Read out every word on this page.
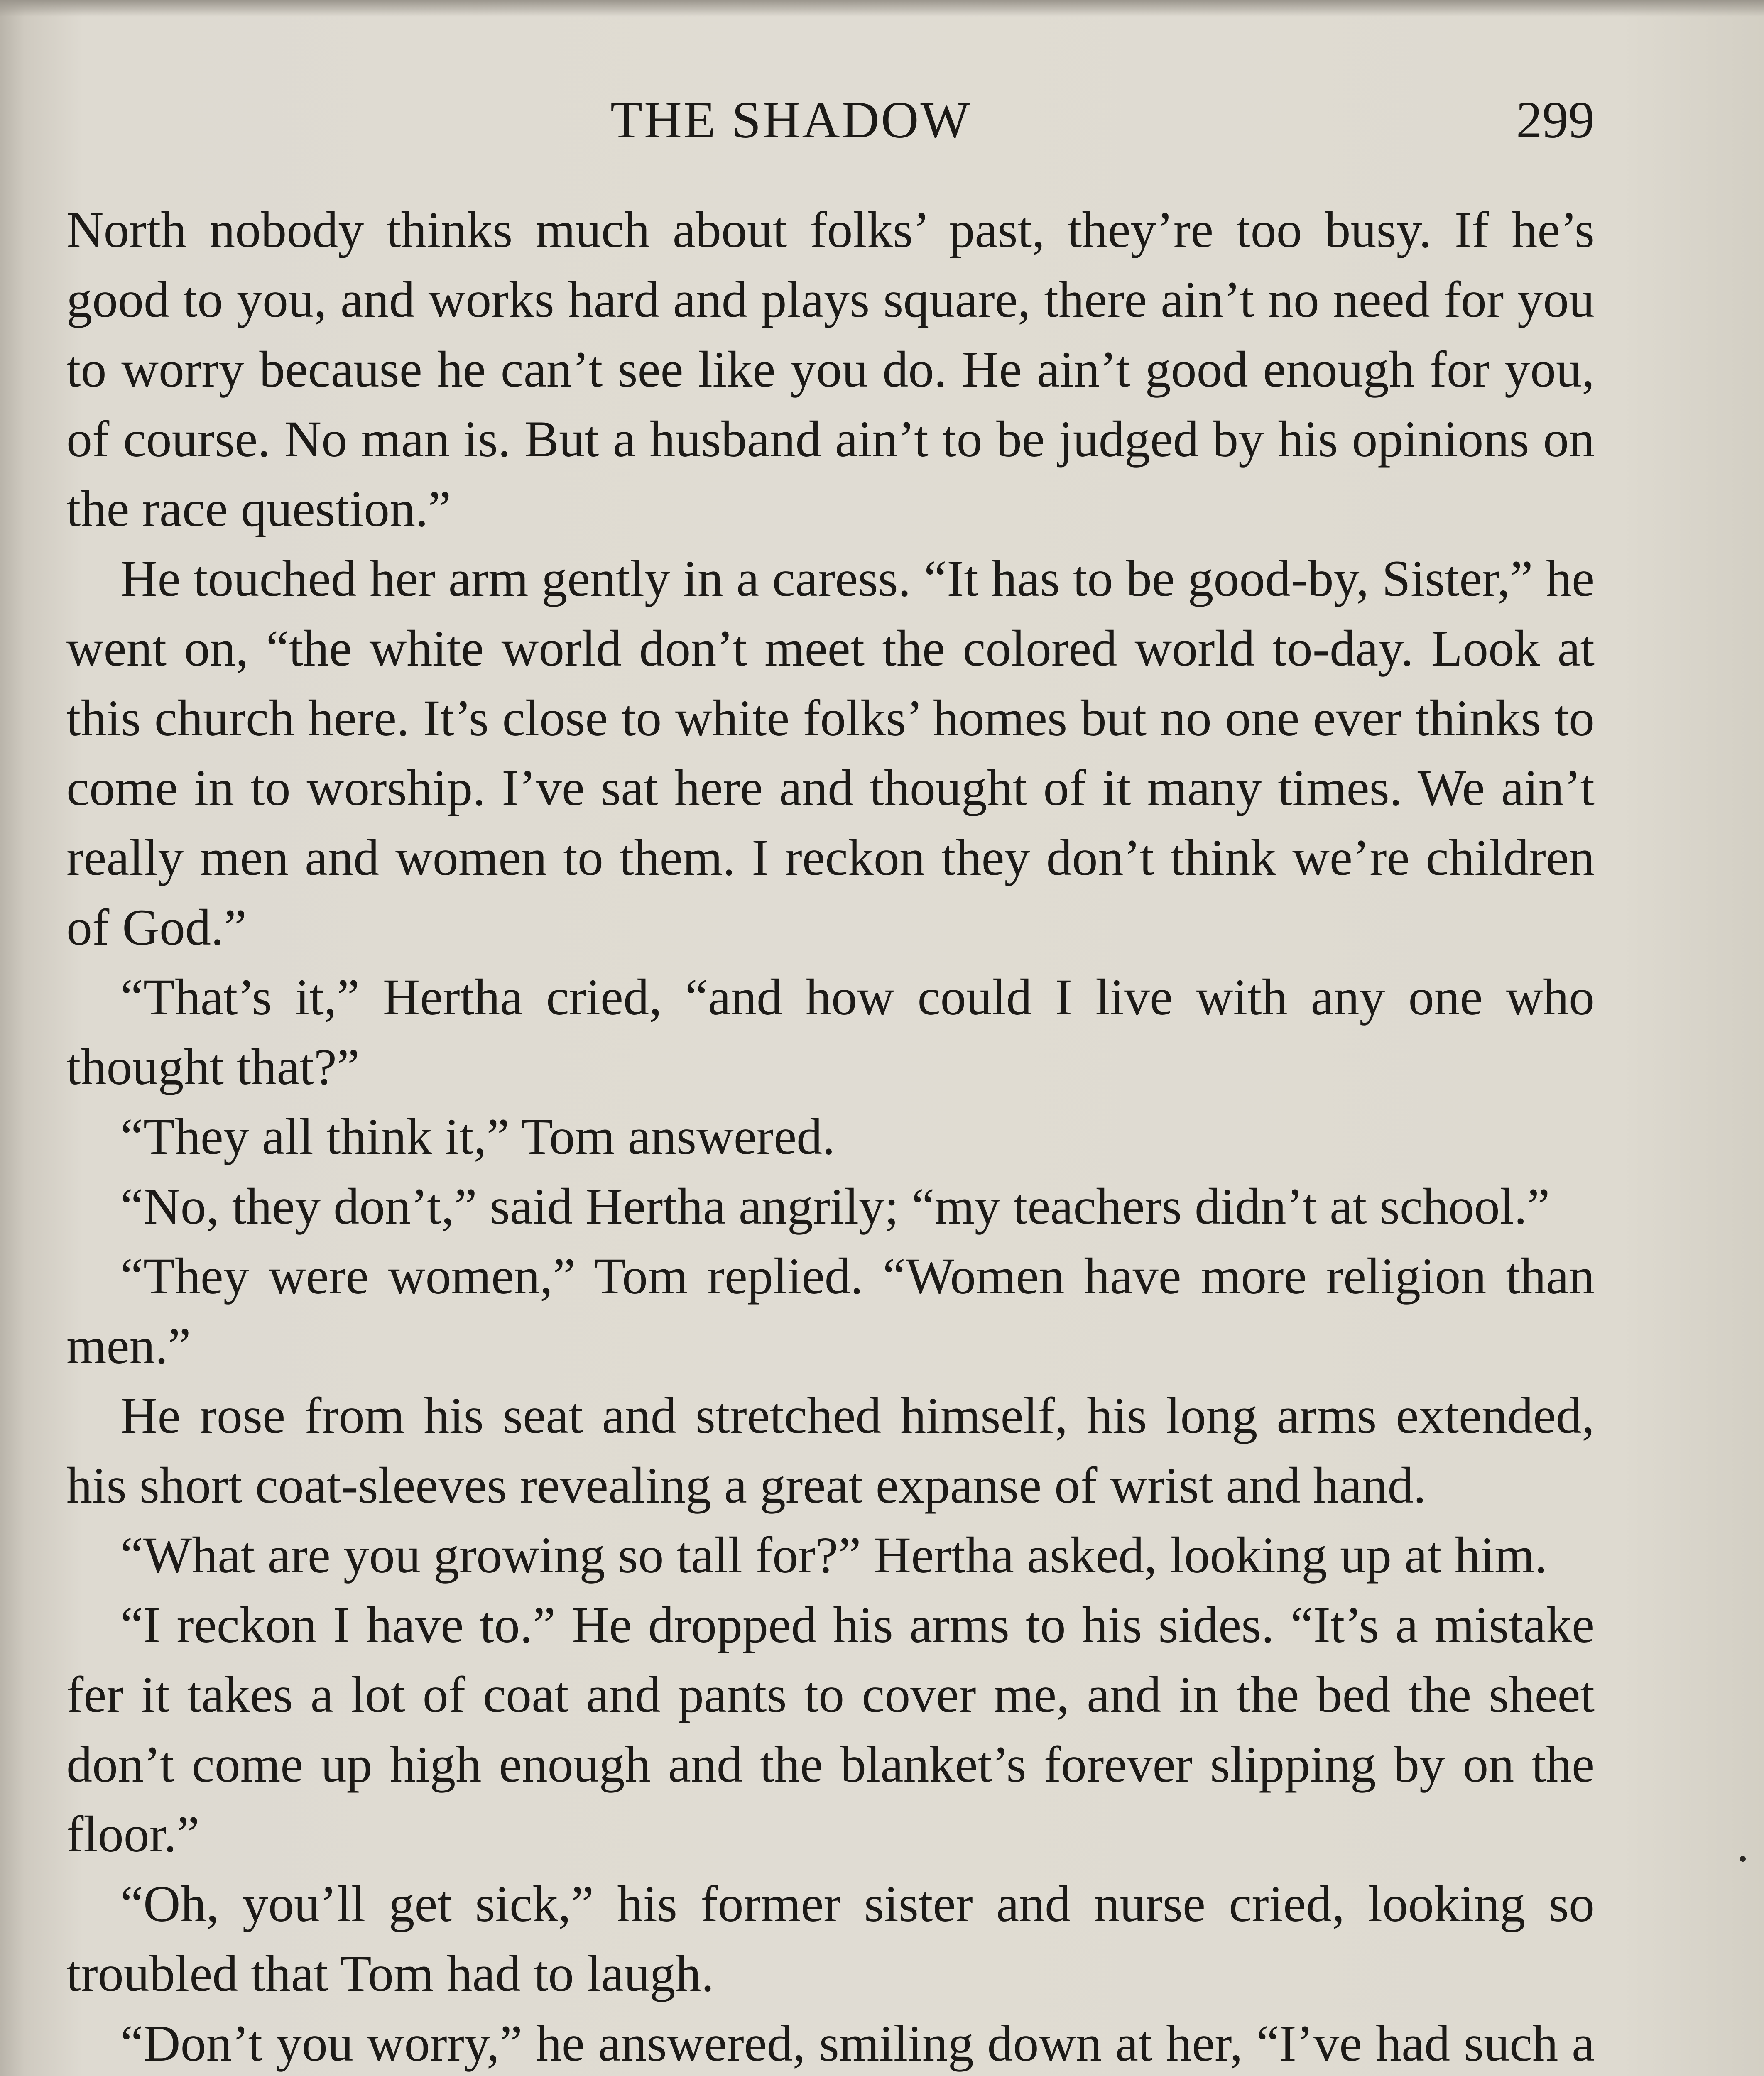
THE SHADOW	299

North nobody thinks much about folks’ past, they’re too busy. If he’s good to you, and works hard and plays square, there ain’t no need for you to worry because he can’t see like you do. He ain’t good enough for you, of course. No man is. But a husband ain’t to be judged by his opinions on the race question.”

He touched her arm gently in a caress. “It has to be good-by, Sister,” he went on, “the white world don’t meet the colored world to-day. Look at this church here. It’s close to white folks’ homes but no one ever thinks to come in to worship. I’ve sat here and thought of it many times. We ain’t really men and women to them. I reckon they don’t think we’re children of God.”

“That’s it,” Hertha cried, “and how could I live with any one who thought that?”

“They all think it,” Tom answered.

“No, they don’t,” said Hertha angrily; “my teachers didn’t at school.”

“They were women,” Tom replied. “Women have more religion than men.”

He rose from his seat and stretched himself, his long arms extended, his short coat-sleeves revealing a great expanse of wrist and hand.

“What are you growing so tall for?” Hertha asked, looking up at him.

“I reckon I have to.” He dropped his arms to his sides. “It’s a mistake fer it takes a lot of coat and pants to cover me, and in the bed the sheet don’t come up high enough and the blanket’s forever slipping by on the floor.”

“Oh, you’ll get sick,” his former sister and nurse cried, looking so troubled that Tom had to laugh.

“Don’t you worry,” he answered, smiling down at her, “I’ve had such a
